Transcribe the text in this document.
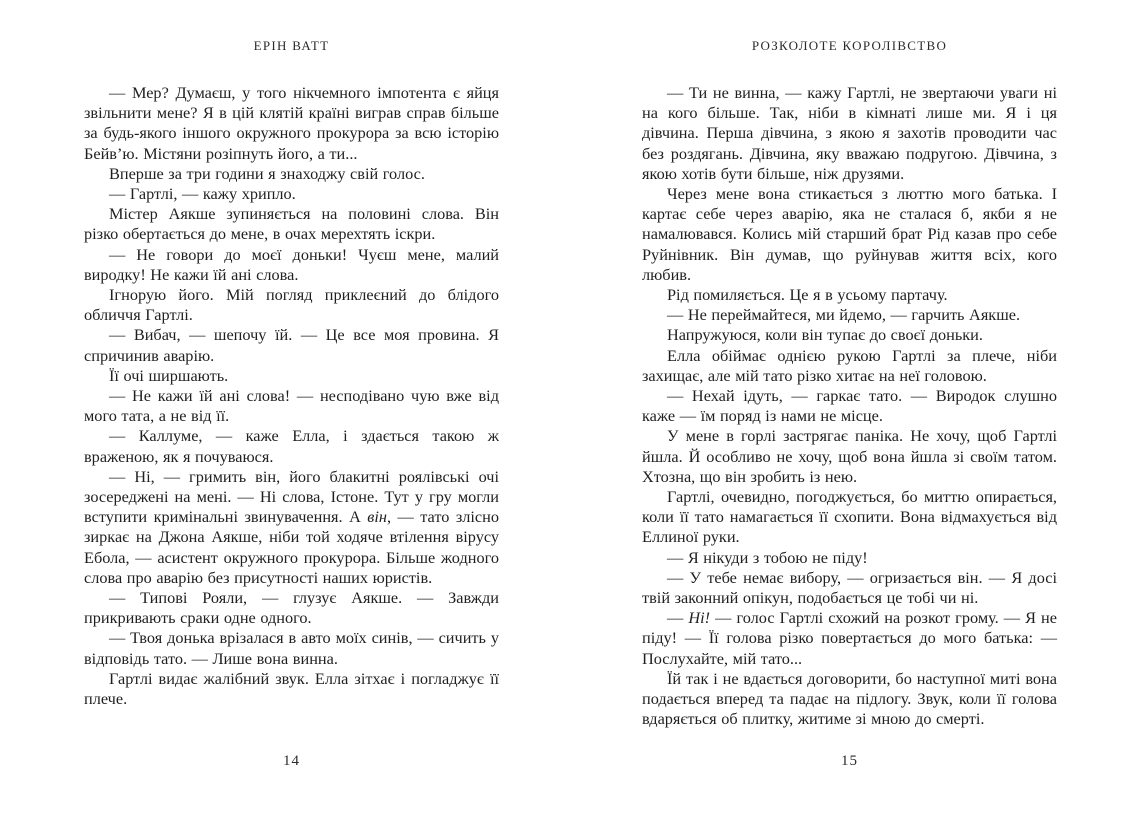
ЕРІН ВАТТ

— Мер? Думаєш, у того нікчемного імпотента є яйця звільнити мене? Я в цій клятій країні виграв справ більше за будь-якого іншого окружного прокурора за всю історію Бейв’ю. Містяни розіпнуть його, а ти...

Вперше за три години я знаходжу свій голос.

— Гартлі, — кажу хрипло.

Містер Аякше зупиняється на половині слова. Він різко обертається до мене, в очах мерехтять іскри.

— Не говори до моєї доньки! Чуєш мене, малий виродку! Не кажи їй ані слова.

Ігнорую його. Мій погляд приклеєний до блідого обличчя Гартлі.

— Вибач, — шепочу їй. — Це все моя провина. Я спричинив аварію.

Її очі ширшають.

— Не кажи їй ані слова! — несподівано чую вже від мого тата, а не від її.

— Каллуме, — каже Елла, і здається такою ж враженою, як я почуваюся.

— Ні, — гримить він, його блакитні роялівські очі зосереджені на мені. — Ні слова, Істоне. Тут у гру могли вступити кримінальні звинувачення. А він, — тато злісно зиркає на Джона Аякше, ніби той ходяче втілення вірусу Ебола, — асистент окружного прокурора. Більше жодного слова про аварію без присутності наших юристів.

— Типові Рояли, — глузує Аякше. — Завжди прикривають сраки одне одного.

— Твоя донька врізалася в авто моїх синів, — сичить у відповідь тато. — Лише вона винна.

Гартлі видає жалібний звук. Елла зітхає і погладжує її плече.

14
РОЗКОЛОТЕ КОРОЛІВСТВО

— Ти не винна, — кажу Гартлі, не звертаючи уваги ні на кого більше. Так, ніби в кімнаті лише ми. Я і ця дівчина. Перша дівчина, з якою я захотів проводити час без роздягань. Дівчина, яку вважаю подругою. Дівчина, з якою хотів бути більше, ніж друзями.

Через мене вона стикається з люттю мого батька. І картає себе через аварію, яка не сталася б, якби я не намалювався. Колись мій старший брат Рід казав про себе Руйнівник. Він думав, що руйнував життя всіх, кого любив.

Рід помиляється. Це я в усьому партачу.

— Не переймайтеся, ми йдемо, — гарчить Аякше.

Напружуюся, коли він тупає до своєї доньки.

Елла обіймає однією рукою Гартлі за плече, ніби захищає, але мій тато різко хитає на неї головою.

— Нехай ідуть, — гаркає тато. — Виродок слушно каже — їм поряд із нами не місце.

У мене в горлі застрягає паніка. Не хочу, щоб Гартлі йшла. Й особливо не хочу, щоб вона йшла зі своїм татом. Хтозна, що він зробить із нею.

Гартлі, очевидно, погоджується, бо миттю опирається, коли її тато намагається її схопити. Вона відмахується від Еллиної руки.

— Я нікуди з тобою не піду!

— У тебе немає вибору, — огризається він. — Я досі твій законний опікун, подобається це тобі чи ні.

— Ні! — голос Гартлі схожий на розкот грому. — Я не піду! — Її голова різко повертається до мого батька: — Послухайте, мій тато...

Їй так і не вдається договорити, бо наступної миті вона подається вперед та падає на підлогу. Звук, коли її голова вдаряється об плитку, житиме зі мною до смерті.

15
